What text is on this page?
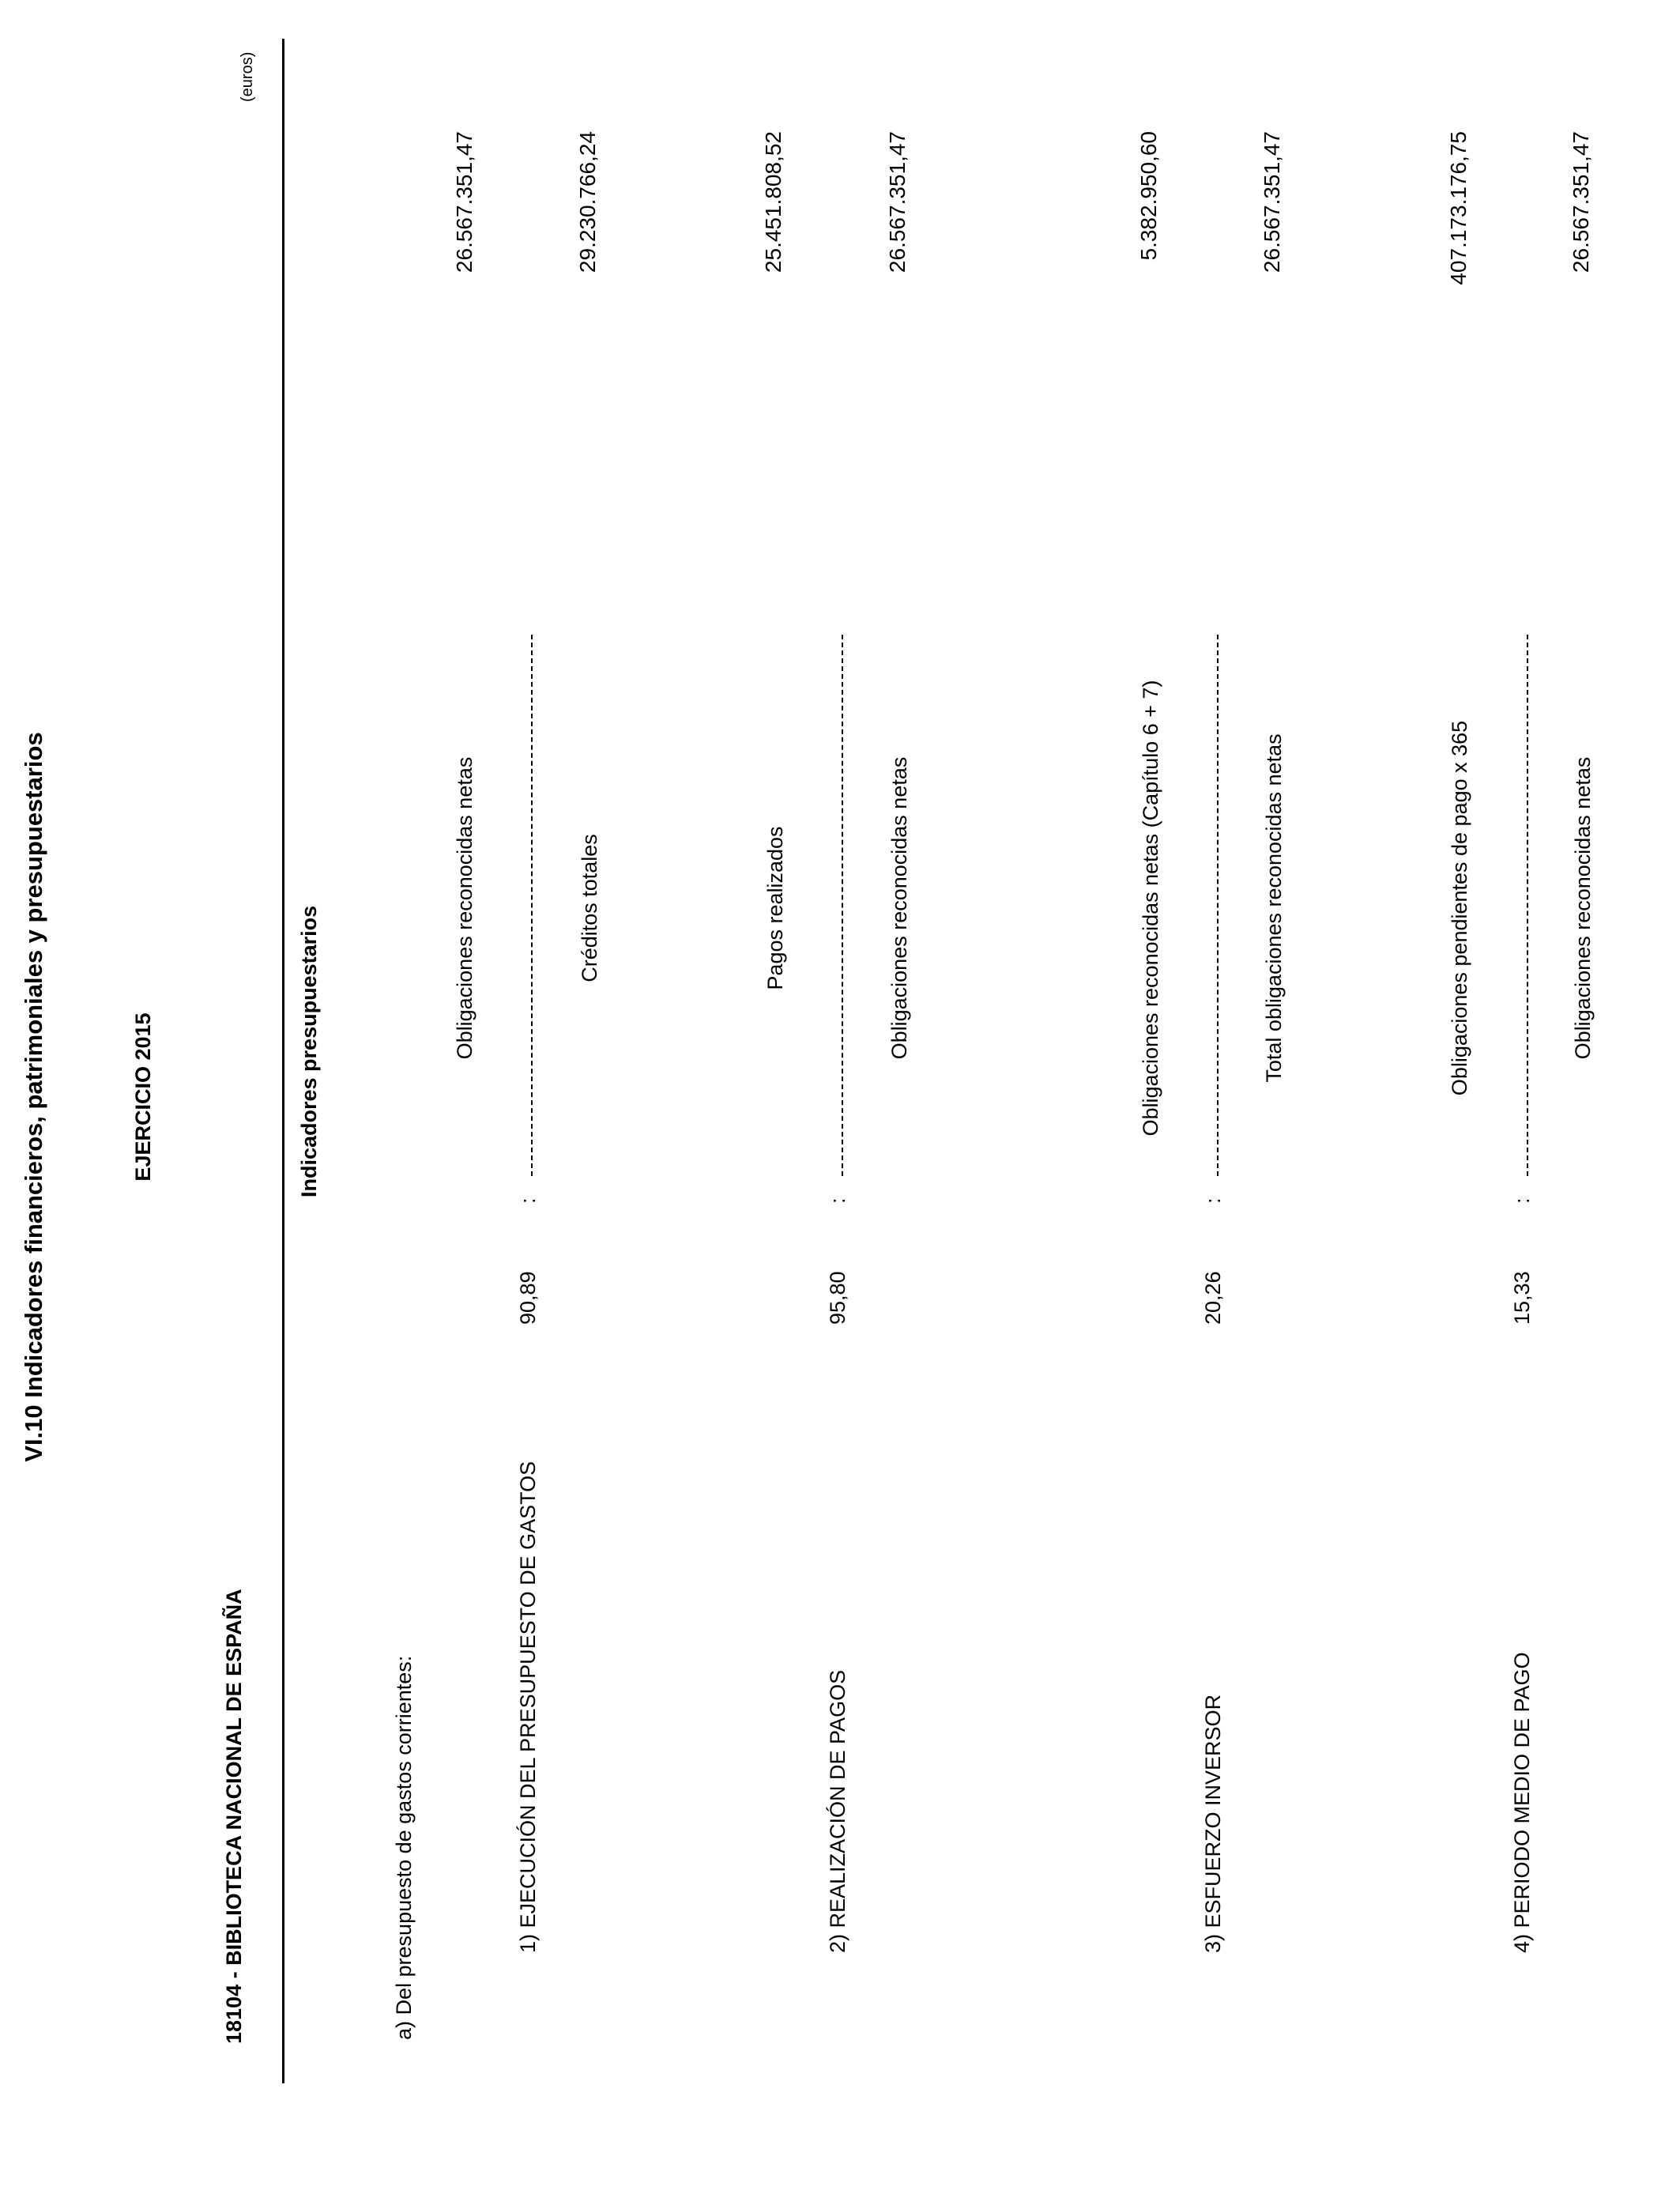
VI.10 Indicadores financieros, patrimoniales y presupuestarios	EJERCICIO 2015
18104 - BIBLIOTECA NACIONAL DE ESPAÑA
(euros)
Indicadores presupuestarios
a) Del presupuesto de gastos corrientes:	1) EJECUCIÓN DEL PRESUPUESTO DE GASTOS
90,89
:
Obligaciones reconocidas netas
26.567.351,47
Créditos totales
29.230.766,24
2) REALIZACIÓN DE PAGOS
95,80
:
Pagos realizados
25.451.808,52
Obligaciones reconocidas netas
26.567.351,47
3) ESFUERZO INVERSOR
20,26
:
Obligaciones reconocidas netas (Capítulo 6 + 7)
5.382.950,60
Total obligaciones reconocidas netas
26.567.351,47
4) PERIODO MEDIO DE PAGO
15,33
:
Obligaciones pendientes de pago x 365
407.173.176,75
Obligaciones reconocidas netas
26.567.351,47
